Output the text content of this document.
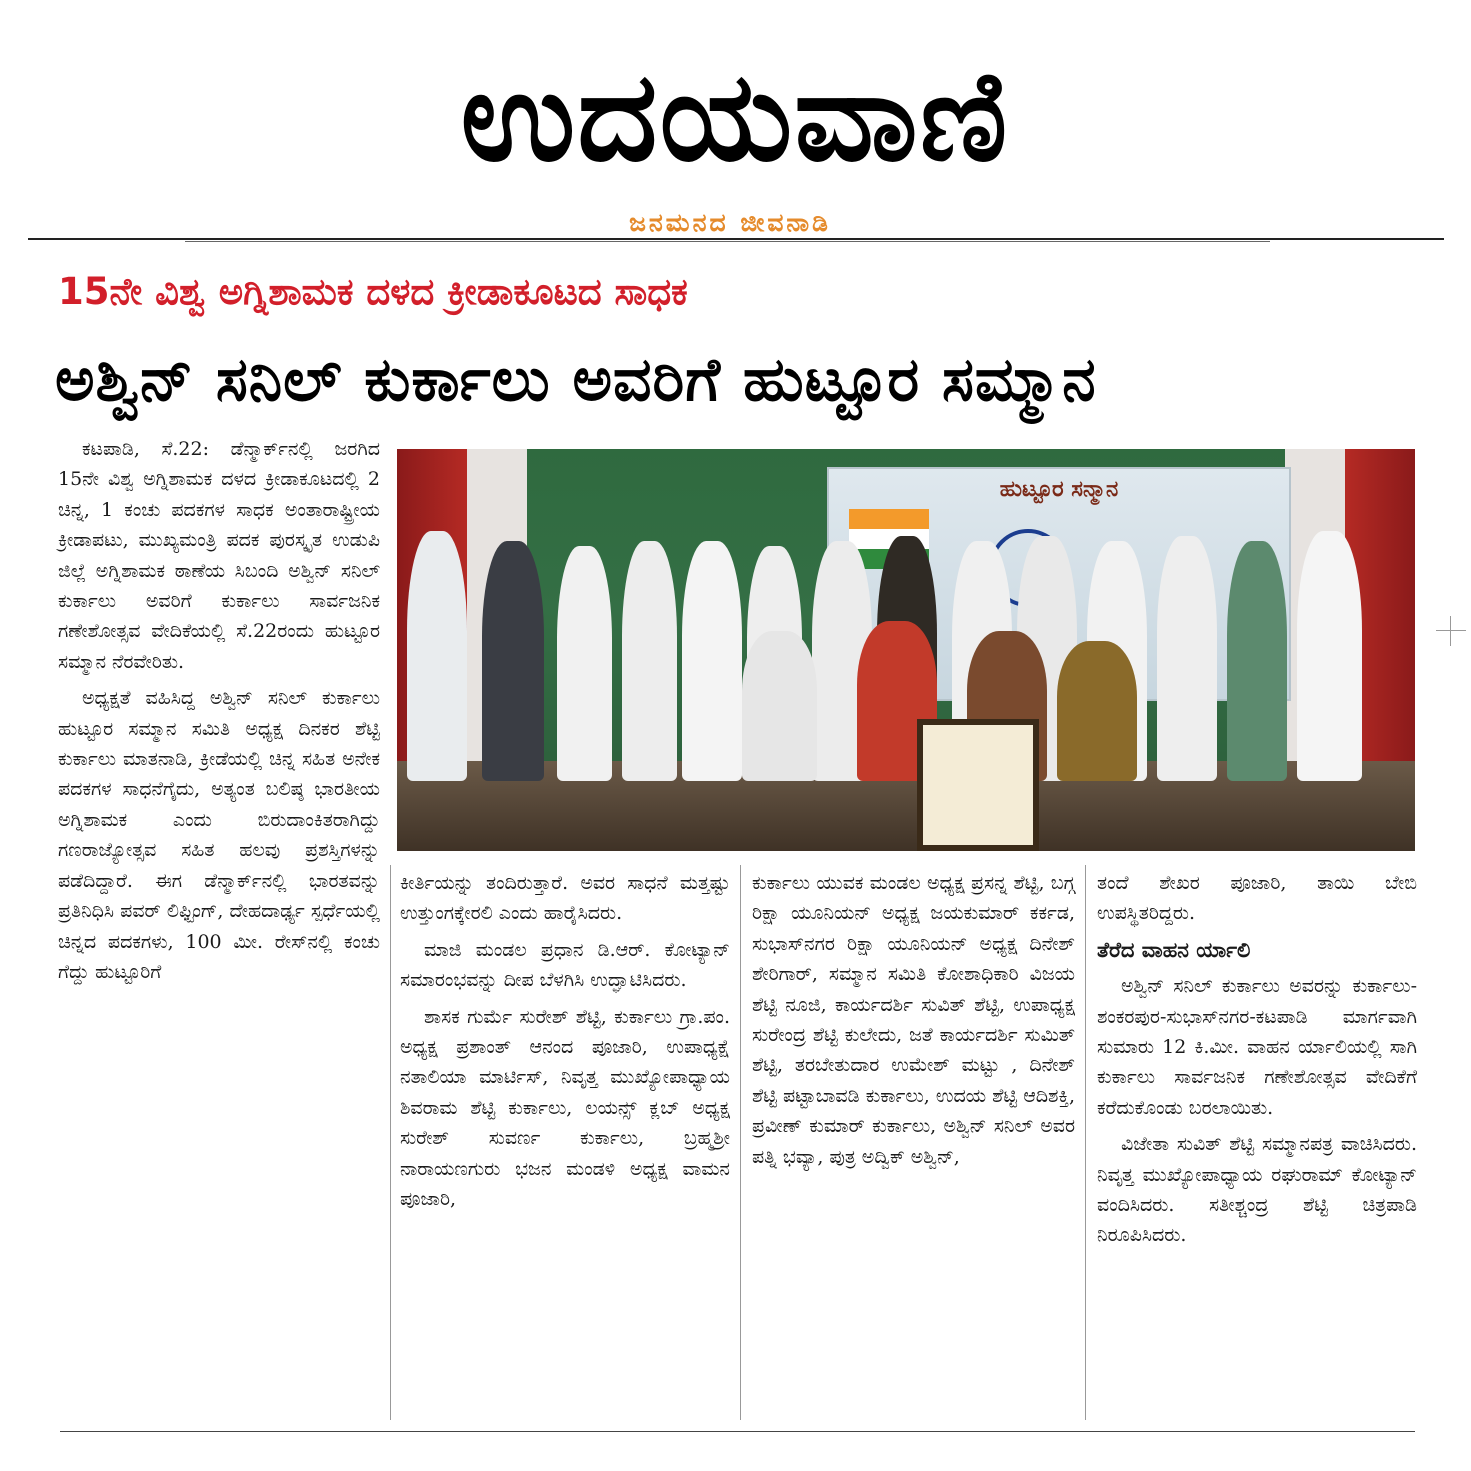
ಉದಯವಾಣಿ
ಜನಮನದ ಜೀವನಾಡಿ
15ನೇ ವಿಶ್ವ ಅಗ್ನಿಶಾಮಕ ದಳದ ಕ್ರೀಡಾಕೂಟದ ಸಾಧಕ
ಅಶ್ವಿನ್ ಸನಿಲ್ ಕುರ್ಕಾಲು ಅವರಿಗೆ ಹುಟ್ಟೂರ ಸಮ್ಮಾನ

ಕಟಪಾಡಿ, ಸೆ.22: ಡೆನ್ಮಾರ್ಕ್‌ನಲ್ಲಿ ಜರಗಿದ 15ನೇ ವಿಶ್ವ ಅಗ್ನಿಶಾಮಕ ದಳದ ಕ್ರೀಡಾಕೂಟದಲ್ಲಿ 2 ಚಿನ್ನ, 1 ಕಂಚು ಪದಕಗಳ ಸಾಧಕ ಅಂತಾರಾಷ್ಟ್ರೀಯ ಕ್ರೀಡಾಪಟು, ಮುಖ್ಯಮಂತ್ರಿ ಪದಕ ಪುರಸ್ಕೃತ ಉಡುಪಿ ಜಿಲ್ಲೆ ಅಗ್ನಿಶಾಮಕ ಠಾಣೆಯ ಸಿಬಂದಿ ಅಶ್ವಿನ್ ಸನಿಲ್ ಕುರ್ಕಾಲು ಅವರಿಗೆ ಕುರ್ಕಾಲು ಸಾರ್ವಜನಿಕ ಗಣೇಶೋತ್ಸವ ವೇದಿಕೆಯಲ್ಲಿ ಸೆ.22ರಂದು ಹುಟ್ಟೂರ ಸಮ್ಮಾನ ನೆರವೇರಿತು.

ಅಧ್ಯಕ್ಷತೆ ವಹಿಸಿದ್ದ ಅಶ್ವಿನ್ ಸನಿಲ್ ಕುರ್ಕಾಲು ಹುಟ್ಟೂರ ಸಮ್ಮಾನ ಸಮಿತಿ ಅಧ್ಯಕ್ಷ ದಿನಕರ ಶೆಟ್ಟಿ ಕುರ್ಕಾಲು ಮಾತನಾಡಿ, ಕ್ರೀಡೆಯಲ್ಲಿ ಚಿನ್ನ ಸಹಿತ ಅನೇಕ ಪದಕಗಳ ಸಾಧನೆಗೈದು, ಅತ್ಯಂತ ಬಲಿಷ್ಠ ಭಾರತೀಯ ಅಗ್ನಿಶಾಮಕ ಎಂದು ಬಿರುದಾಂಕಿತರಾಗಿದ್ದು ಗಣರಾಜ್ಯೋತ್ಸವ ಸಹಿತ ಹಲವು ಪ್ರಶಸ್ತಿಗಳನ್ನು ಪಡೆದಿದ್ದಾರೆ. ಈಗ ಡೆನ್ಮಾರ್ಕ್‌ನಲ್ಲಿ ಭಾರತವನ್ನು ಪ್ರತಿನಿಧಿಸಿ ಪವರ್ ಲಿಫ್ಟಿಂಗ್, ದೇಹದಾರ್ಢ್ಯ ಸ್ಪರ್ಧೆಯಲ್ಲಿ ಚಿನ್ನದ ಪದಕಗಳು, 100 ಮೀ. ರೇಸ್‌ನಲ್ಲಿ ಕಂಚು ಗೆದ್ದು ಹುಟ್ಟೂರಿಗೆ

ಹುಟ್ಟೂರ ಸನ್ಮಾನ

ಕೀರ್ತಿಯನ್ನು ತಂದಿರುತ್ತಾರೆ. ಅವರ ಸಾಧನೆ ಮತ್ತಷ್ಟು ಉತ್ತುಂಗಕ್ಕೇರಲಿ ಎಂದು ಹಾರೈಸಿದರು.

ಮಾಜಿ ಮಂಡಲ ಪ್ರಧಾನ ಡಿ.ಆರ್. ಕೋಟ್ಯಾನ್ ಸಮಾರಂಭವನ್ನು ದೀಪ ಬೆಳಗಿಸಿ ಉದ್ಘಾಟಿಸಿದರು.

ಶಾಸಕ ಗುರ್ಮೆ ಸುರೇಶ್ ಶೆಟ್ಟಿ, ಕುರ್ಕಾಲು ಗ್ರಾ.ಪಂ. ಅಧ್ಯಕ್ಷ ಪ್ರಶಾಂತ್ ಆನಂದ ಪೂಜಾರಿ, ಉಪಾಧ್ಯಕ್ಷೆ ನತಾಲಿಯಾ ಮಾರ್ಟಿಸ್, ನಿವೃತ್ತ ಮುಖ್ಯೋಪಾಧ್ಯಾಯ ಶಿವರಾಮ ಶೆಟ್ಟಿ ಕುರ್ಕಾಲು, ಲಯನ್ಸ್ ಕ್ಲಬ್ ಅಧ್ಯಕ್ಷ ಸುರೇಶ್ ಸುವರ್ಣ ಕುರ್ಕಾಲು, ಬ್ರಹ್ಮಶ್ರೀ ನಾರಾಯಣಗುರು ಭಜನ ಮಂಡಳಿ ಅಧ್ಯಕ್ಷ ವಾಮನ ಪೂಜಾರಿ,

ಕುರ್ಕಾಲು ಯುವಕ ಮಂಡಲ ಅಧ್ಯಕ್ಷ ಪ್ರಸನ್ನ ಶೆಟ್ಟಿ, ಬಗ್ಗ ರಿಕ್ಷಾ ಯೂನಿಯನ್ ಅಧ್ಯಕ್ಷ ಜಯಕುಮಾರ್ ಕರ್ಕಡ, ಸುಭಾಸ್‌ನಗರ ರಿಕ್ಷಾ ಯೂನಿಯನ್ ಅಧ್ಯಕ್ಷ ದಿನೇಶ್ ಶೇರಿಗಾರ್, ಸಮ್ಮಾನ ಸಮಿತಿ ಕೋಶಾಧಿಕಾರಿ ವಿಜಯ ಶೆಟ್ಟಿ ನೂಜಿ, ಕಾರ್ಯದರ್ಶಿ ಸುವಿತ್ ಶೆಟ್ಟಿ, ಉಪಾಧ್ಯಕ್ಷ ಸುರೇಂದ್ರ ಶೆಟ್ಟಿ ಕುಲೇದು, ಜತೆ ಕಾರ್ಯದರ್ಶಿ ಸುಮಿತ್ ಶೆಟ್ಟಿ, ತರಬೇತುದಾರ ಉಮೇಶ್ ಮಟ್ಟು , ದಿನೇಶ್ ಶೆಟ್ಟಿ ಪಟ್ಟಾಬಾವಡಿ ಕುರ್ಕಾಲು, ಉದಯ ಶೆಟ್ಟಿ ಆದಿಶಕ್ತಿ, ಪ್ರವೀಣ್ ಕುಮಾರ್ ಕುರ್ಕಾಲು, ಅಶ್ವಿನ್ ಸನಿಲ್ ಅವರ ಪತ್ನಿ ಭವ್ಯಾ, ಪುತ್ರ ಅದ್ವಿಕ್ ಅಶ್ವಿನ್,

ತಂದೆ ಶೇಖರ ಪೂಜಾರಿ, ತಾಯಿ ಬೇಬಿ ಉಪಸ್ಥಿತರಿದ್ದರು.

ತೆರೆದ ವಾಹನ ರ್ಯಾಲಿ

ಅಶ್ವಿನ್ ಸನಿಲ್ ಕುರ್ಕಾಲು ಅವರನ್ನು ಕುರ್ಕಾಲು- ಶಂಕರಪುರ-ಸುಭಾಸ್‌ನಗರ-ಕಟಪಾಡಿ ಮಾರ್ಗವಾಗಿ ಸುಮಾರು 12 ಕಿ.ಮೀ. ವಾಹನ ರ್ಯಾಲಿಯಲ್ಲಿ ಸಾಗಿ ಕುರ್ಕಾಲು ಸಾರ್ವಜನಿಕ ಗಣೇಶೋತ್ಸವ ವೇದಿಕೆಗೆ ಕರೆದುಕೊಂಡು ಬರಲಾಯಿತು.

ವಿಜೇತಾ ಸುವಿತ್ ಶೆಟ್ಟಿ ಸಮ್ಮಾನಪತ್ರ ವಾಚಿಸಿದರು. ನಿವೃತ್ತ ಮುಖ್ಯೋಪಾಧ್ಯಾಯ ರಘುರಾಮ್ ಕೋಟ್ಯಾನ್ ವಂದಿಸಿದರು. ಸತೀಶ್ಚಂದ್ರ ಶೆಟ್ಟಿ ಚಿತ್ರಪಾಡಿ ನಿರೂಪಿಸಿದರು.
